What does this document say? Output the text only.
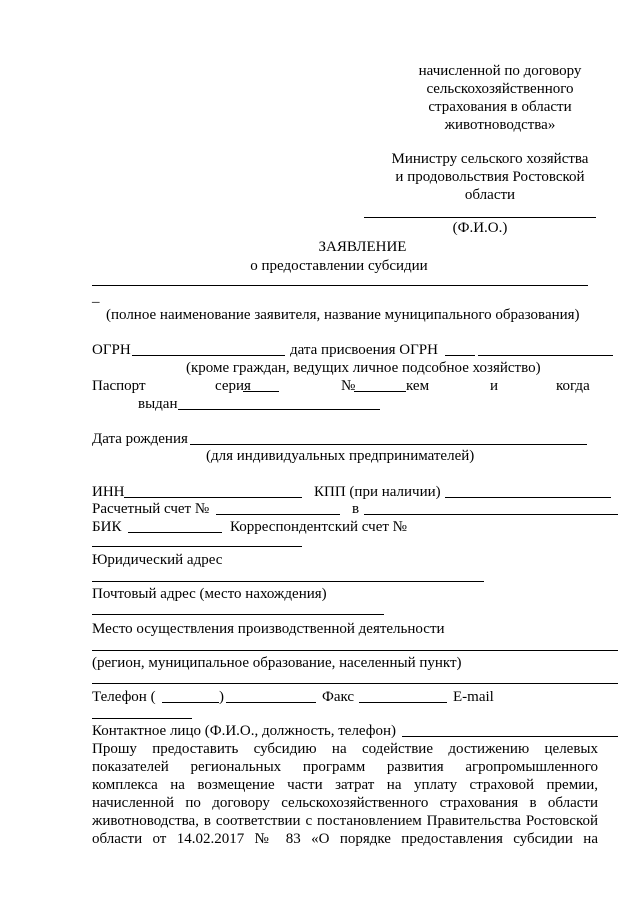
начисленной по договору
сельскохозяйственного
страхования в области
животноводства»
Министру сельского хозяйства
и продовольствия Ростовской
области
(Ф.И.О.)
ЗАЯВЛЕНИЕ
о предоставлении субсидии
_
(полное наименование заявителя, название муниципального образования)
ОГРН	дата присвоения ОГРН
(кроме граждан, ведущих личное подсобное хозяйство)
Паспорт	серия	№	кем	и	когда
выдан
Дата рождения
(для индивидуальных предпринимателей)
ИНН	КПП (при наличии)
Расчетный счет №	в
БИК	Корреспондентский счет №
Юридический адрес
Почтовый адрес (место нахождения)
Место осуществления производственной деятельности
(регион, муниципальное образование, населенный пункт)
Телефон (	)	Факс	E-mail
Контактное лицо (Ф.И.О., должность, телефон)
Прошу предоставить субсидию на содействие достижению целевых
показателей региональных программ развития агропромышленного
комплекса на возмещение части затрат на уплату страховой премии,
начисленной по договору сельскохозяйственного страхования в области
животноводства, в соответствии с постановлением Правительства Ростовской
области от 14.02.2017 № 83 «О порядке предоставления субсидии на
